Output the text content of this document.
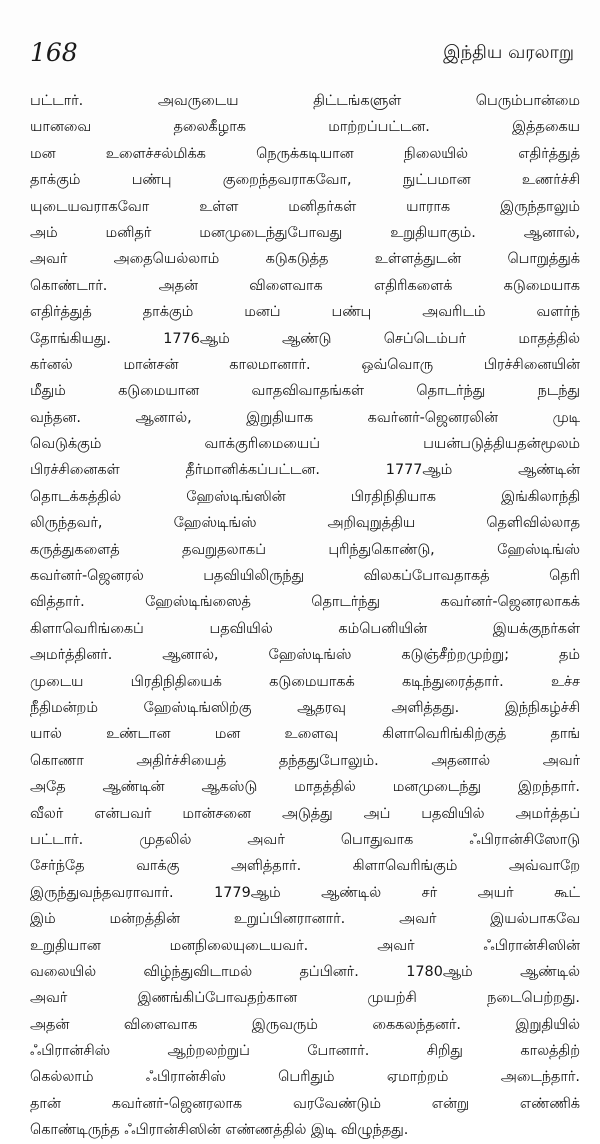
168	இந்திய வரலாறு
பட்டார். அவருடைய திட்டங்களுள் பெரும்பான்மை
யானவை தலைகீழாக மாற்றப்பட்டன. இத்தகைய
மன உளைச்சல்மிக்க நெருக்கடியான நிலையில் எதிர்த்துத்
தாக்கும் பண்பு குறைந்தவராகவோ, நுட்பமான உணர்ச்சி
யுடையவராகவோ உள்ள மனிதர்கள் யாராக இருந்தாலும்
அம் மனிதர் மனமுடைந்துபோவது உறுதியாகும். ஆனால்,
அவர் அதையெல்லாம் கடுகடுத்த உள்ளத்துடன் பொறுத்துக்
கொண்டார். அதன் விளைவாக எதிரிகளைக் கடுமையாக
எதிர்த்துத் தாக்கும் மனப் பண்பு அவரிடம் வளர்ந்
தோங்கியது. 1776ஆம் ஆண்டு செப்டெம்பர் மாதத்தில்
கர்னல் மான்சன் காலமானார். ஒவ்வொரு பிரச்சினையின்
மீதும் கடுமையான வாதவிவாதங்கள் தொடர்ந்து நடந்து
வந்தன. ஆனால், இறுதியாக கவர்னர்-ஜெனரலின் முடி
வெடுக்கும் வாக்குரிமையைப் பயன்படுத்தியதன்மூலம்
பிரச்சினைகள் தீர்மானிக்கப்பட்டன. 1777ஆம் ஆண்டின்
தொடக்கத்தில் ஹேஸ்டிங்ஸின் பிரதிநிதியாக இங்கிலாந்தி
லிருந்தவர், ஹேஸ்டிங்ஸ் அறிவுறுத்திய தெளிவில்லாத
கருத்துகளைத் தவறுதலாகப் புரிந்துகொண்டு, ஹேஸ்டிங்ஸ்
கவர்னர்-ஜெனரல் பதவியிலிருந்து விலகப்போவதாகத் தெரி
வித்தார். ஹேஸ்டிங்ஸைத் தொடர்ந்து கவர்னர்-ஜெனரலாகக்
கிளாவெரிங்கைப் பதவியில் கம்பெனியின் இயக்குநர்கள்
அமர்த்தினர். ஆனால், ஹேஸ்டிங்ஸ் கடுஞ்சீற்றமுற்று; தம்
முடைய பிரதிநிதியைக் கடுமையாகக் கடிந்துரைத்தார். உச்ச
நீதிமன்றம் ஹேஸ்டிங்ஸிற்கு ஆதரவு அளித்தது. இந்நிகழ்ச்சி
யால் உண்டான மன உளைவு கிளாவெரிங்கிற்குத் தாங்
கொணா அதிர்ச்சியைத் தந்ததுபோலும். அதனால் அவர்
அதே ஆண்டின் ஆகஸ்டு மாதத்தில் மனமுடைந்து இறந்தார்.
வீலர் என்பவர் மான்சனை அடுத்து அப் பதவியில் அமர்த்தப்
பட்டார். முதலில் அவர் பொதுவாக ஃபிரான்சிஸோடு
சேர்ந்தே வாக்கு அளித்தார். கிளாவெரிங்கும் அவ்வாறே
இருந்துவந்தவராவார். 1779ஆம் ஆண்டில் சர் அயர் கூட்
இம் மன்றத்தின் உறுப்பினரானார். அவர் இயல்பாகவே
உறுதியான மனநிலையுடையவர். அவர் ஃபிரான்சிஸின்
வலையில் விழ்ந்துவிடாமல் தப்பினர். 1780ஆம் ஆண்டில்
அவர் இணங்கிப்போவதற்கான முயற்சி நடைபெற்றது.
அதன் விளைவாக இருவரும் கைகலந்தனர். இறுதியில்
ஃபிரான்சிஸ் ஆற்றலற்றுப் போனார். சிறிது காலத்திற்
கெல்லாம் ஃபிரான்சிஸ் பெரிதும் ஏமாற்றம் அடைந்தார்.
தான் கவர்னர்-ஜெனரலாக வரவேண்டும் என்று எண்ணிக்
கொண்டிருந்த ஃபிரான்சிஸின் எண்ணத்தில் இடி விழுந்தது.
